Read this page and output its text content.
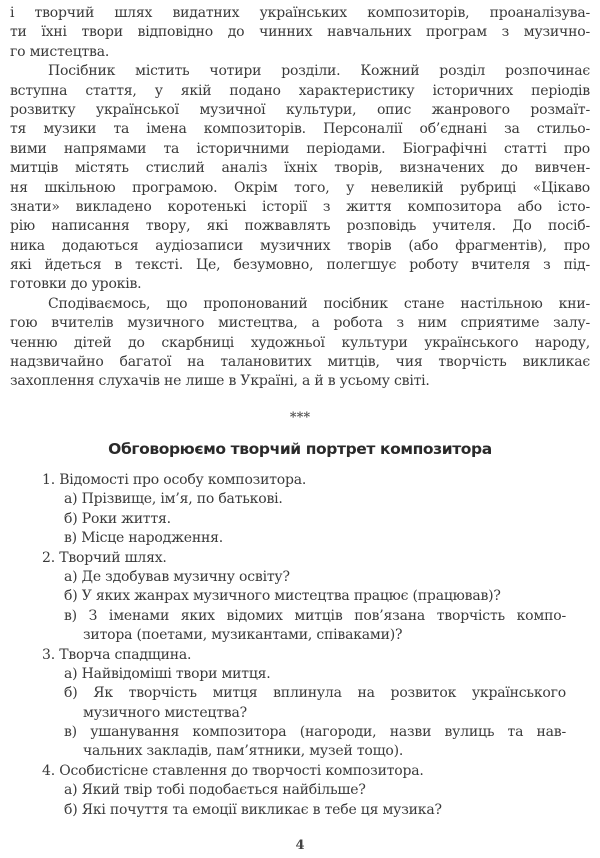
і творчий шлях видатних українських композиторів, проаналізува-
ти їхні твори відповідно до чинних навчальних програм з музично-
го мистецтва.
Посібник містить чотири розділи. Кожний розділ розпочинає
вступна стаття, у якій подано характеристику історичних періодів
розвитку української музичної культури, опис жанрового розмаїт-
тя музики та імена композиторів. Персоналії об’єднані за стильо-
вими напрямами та історичними періодами. Біографічні статті про
митців містять стислий аналіз їхніх творів, визначених до вивчен-
ня шкільною програмою. Окрім того, у невеликій рубриці «Цікаво
знати» викладено коротенькі історії з життя композитора або істо-
рію написання твору, які пожвавлять розповідь учителя. До посіб-
ника додаються аудіозаписи музичних творів (або фрагментів), про
які йдеться в тексті. Це, безумовно, полегшує роботу вчителя з під-
готовки до уроків.
Сподіваємось, що пропонований посібник стане настільною кни-
гою вчителів музичного мистецтва, а робота з ним сприятиме залу-
ченню дітей до скарбниці художньої культури українського народу,
надзвичайно багатої на талановитих митців, чия творчість викликає
захоплення слухачів не лише в Україні, а й в усьому світі.
***
Обговорюємо творчий портрет композитора
1. Відомості про особу композитора.
а) Прізвище, ім’я, по батькові.
б) Роки життя.
в) Місце народження.
2. Творчий шлях.
а) Де здобував музичну освіту?
б) У яких жанрах музичного мистецтва працює (працював)?
в) З іменами яких відомих митців пов’язана творчість компо-
зитора (поетами, музикантами, співаками)?
3. Творча спадщина.
а) Найвідоміші твори митця.
б) Як творчість митця вплинула на розвиток українського
музичного мистецтва?
в) ушанування композитора (нагороди, назви вулиць та нав-
чальних закладів, пам’ятники, музей тощо).
4. Особистісне ставлення до творчості композитора.
а) Який твір тобі подобається найбільше?
б) Які почуття та емоції викликає в тебе ця музика?
4
